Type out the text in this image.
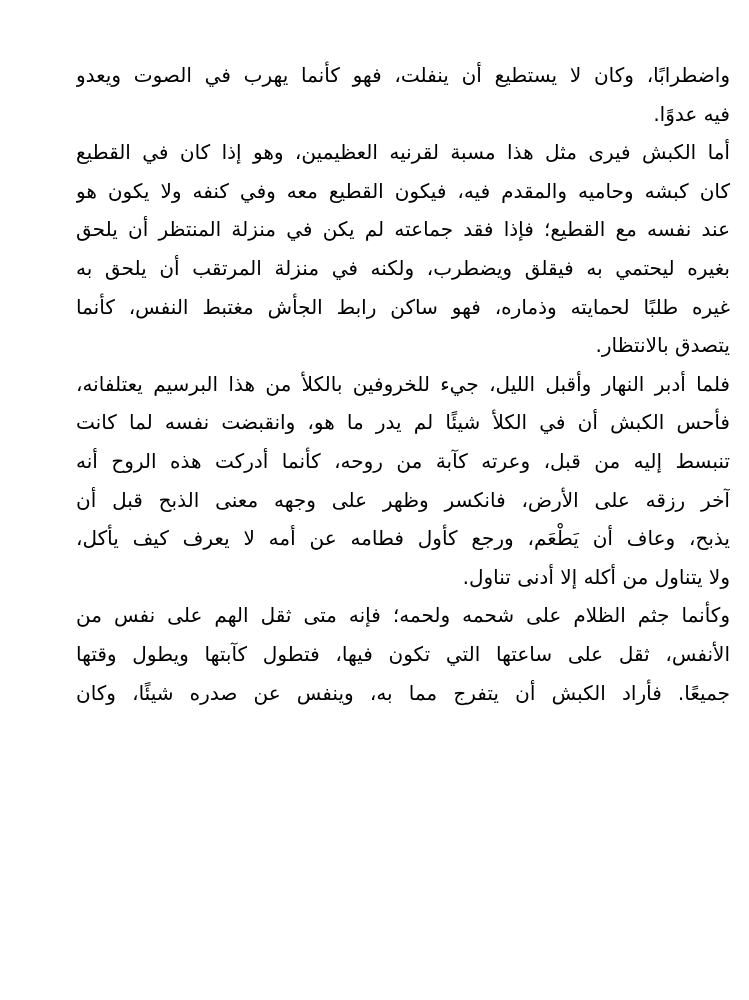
واضطرابًا، وكان لا يستطيع أن ينفلت، فهو كأنما يهرب في الصوت ويعدو
فيه عدوًا.
أما الكبش فيرى مثل هذا مسبة لقرنيه العظيمين، وهو إذا كان في القطيع
كان كبشه وحاميه والمقدم فيه، فيكون القطيع معه وفي كنفه ولا يكون هو
عند نفسه مع القطيع؛ فإذا فقد جماعته لم يكن في منزلة المنتظر أن يلحق
بغيره ليحتمي به فيقلق ويضطرب، ولكنه في منزلة المرتقب أن يلحق به
غيره طلبًا لحمايته وذماره، فهو ساكن رابط الجأش مغتبط النفس، كأنما
يتصدق بالانتظار.
فلما أدبر النهار وأقبل الليل، جيء للخروفين بالكلأ من هذا البرسيم يعتلفانه،
فأحس الكبش أن في الكلأ شيئًا لم يدر ما هو، وانقبضت نفسه لما كانت
تنبسط إليه من قبل، وعرته كآبة من روحه، كأنما أدركت هذه الروح أنه
آخر رزقه على الأرض، فانكسر وظهر على وجهه معنى الذبح قبل أن
يذبح، وعاف أن يَطْعَم، ورجع كأول فطامه عن أمه لا يعرف كيف يأكل،
ولا يتناول من أكله إلا أدنى تناول.
وكأنما جثم الظلام على شحمه ولحمه؛ فإنه متى ثقل الهم على نفس من
الأنفس، ثقل على ساعتها التي تكون فيها، فتطول كآبتها ويطول وقتها
جميعًا. فأراد الكبش أن يتفرج مما به، وينفس عن صدره شيئًا، وكان
